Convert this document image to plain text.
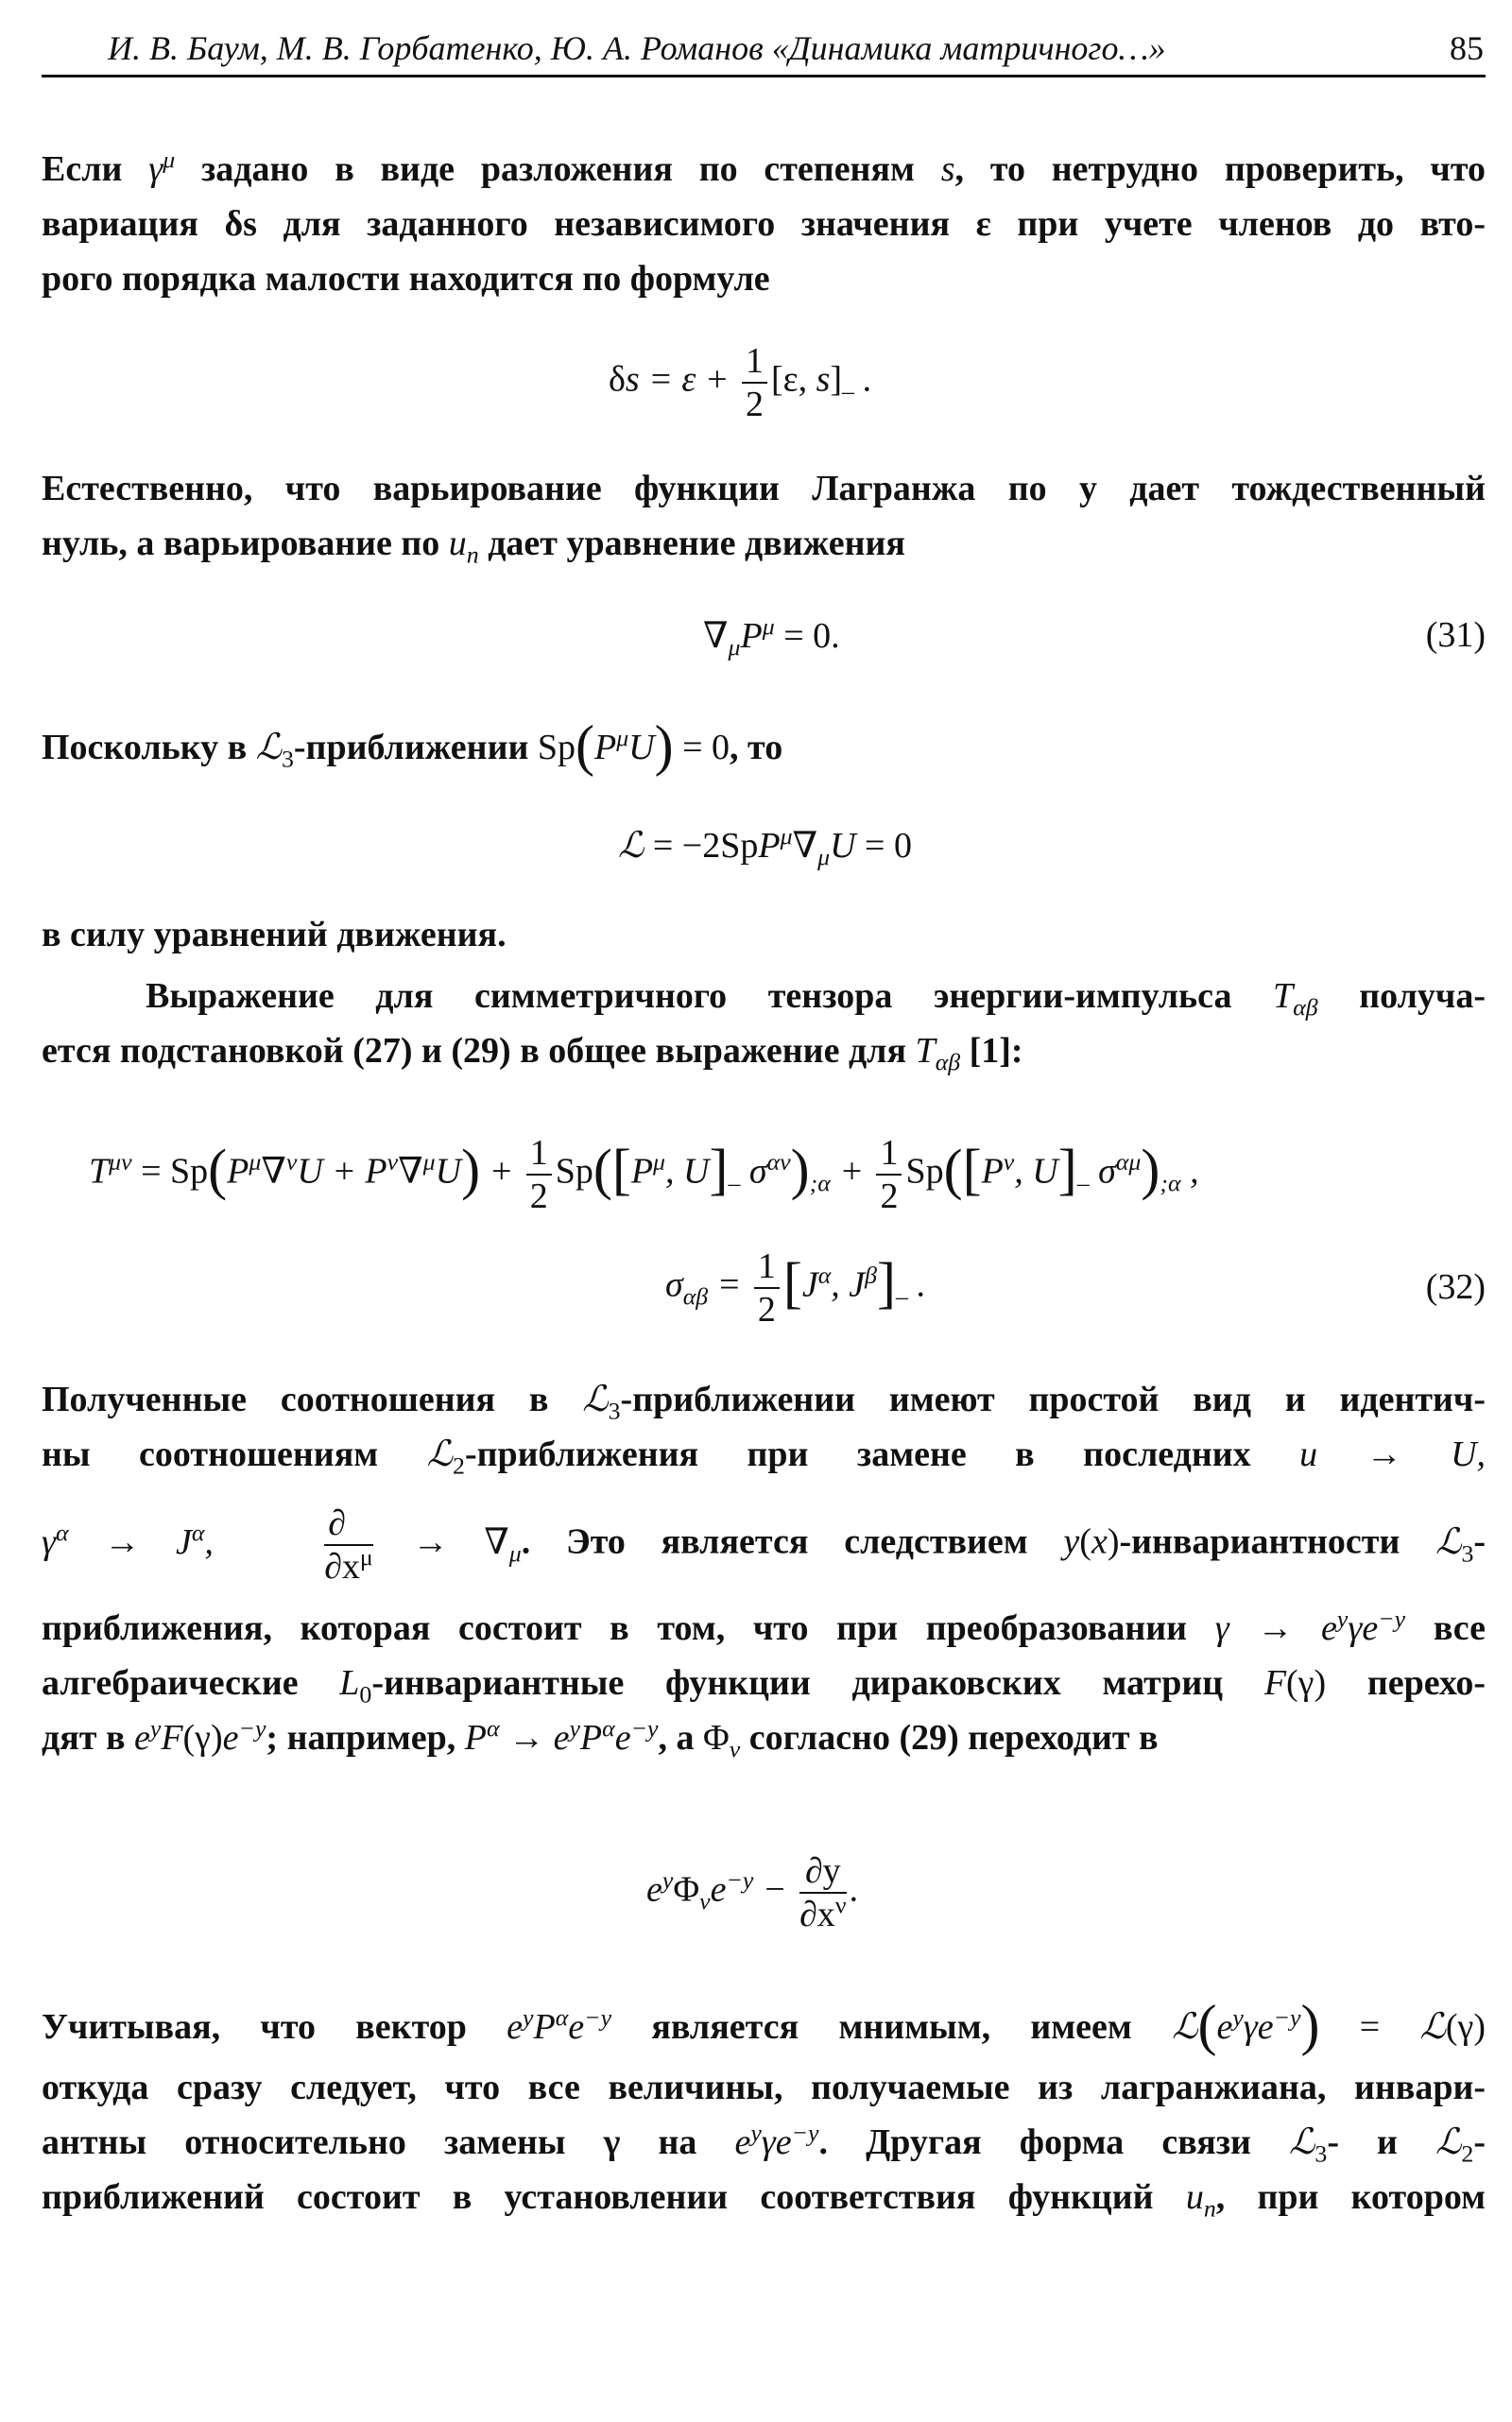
И. В. Баум, М. В. Горбатенко, Ю. А. Романов «Динамика матричного…»	85
Если $\gamma^\mu$ задано в виде разложения по степеням s, то нетрудно проверить, что
вариация δs для заданного независимого значения ε при учете членов до вто-
рого порядка малости находится по формуле
$\delta s = \varepsilon + \frac{1}{2} [\varepsilon$, $s]_-$ .
Естественно, что варьирование функции Лагранжа по y дает тождественный
нуль, а варьирование по $u_n$ дает уравнение движения
$\nabla_\mu P^\mu = 0$.	(31)
Поскольку в ℒ$_3$-приближении $Sp(P^\mu U) = 0$, то
ℒ = $-2SpP^\mu\nabla_\mu U = 0$
в силу уравнений движения.
Выражение для симметричного тензора энергии-импульса $T_{\alpha\beta}$ получа-
ется подстановкой (27) и (29) в общее выражение для $T_{\alpha\beta}$ [1]:
$T^{\mu\nu} = Sp(P^\mu\nabla^\nu U + P^\nu\nabla^\mu U) + \frac{1}{2} Sp([P^\mu$, $U]_-$ $\sigma^{\alpha\nu})_{;\alpha} + \frac{1}{2} Sp([P^\nu$, $U]_-$ $\sigma^{\alpha\mu})_{;\alpha}$ ,
$\sigma_{\alpha\beta} = \frac{1}{2} [J^\alpha$, $J^\beta]_-$ .	(32)
Полученные соотношения в ℒ$_3$-приближении имеют простой вид и идентич-
ны соотношениям ℒ$_2$-приближения при замене в последних u → U,
$\gamma^\alpha \to J^\alpha$, $\frac{\partial}{\partial x^\mu} \to \nabla_\mu$. Это является следствием y(x)-инвариантности ℒ$_3$-
приближения, которая состоит в том, что при преобразовании $\gamma \to e^y\gamma e^{-y}$ все
алгебраические $L_0$-инвариантные функции дираковских матриц F(γ) перехо-
дят в $e^yF(\gamma)e^{-y}$; например, $P^\alpha \to e^yP^\alpha e^{-y}$, а $\Phi_\nu$ согласно (29) переходит в
$e^y\Phi_\nu e^{-y} - \frac{\partial y}{\partial x^\nu}$ .
Учитывая, что вектор $e^yP^\alpha e^{-y}$ является мнимым, имеем $ℒ(e^y\gamma e^{-y})$ = ℒ(γ)
откуда сразу следует, что все величины, получаемые из лагранжиана, инвари-
антны относительно замены γ на $e^y\gamma e^{-y}$. Другая форма связи ℒ$_3$- и ℒ$_2$-
приближений состоит в установлении соответствия функций $u_n$, при котором
